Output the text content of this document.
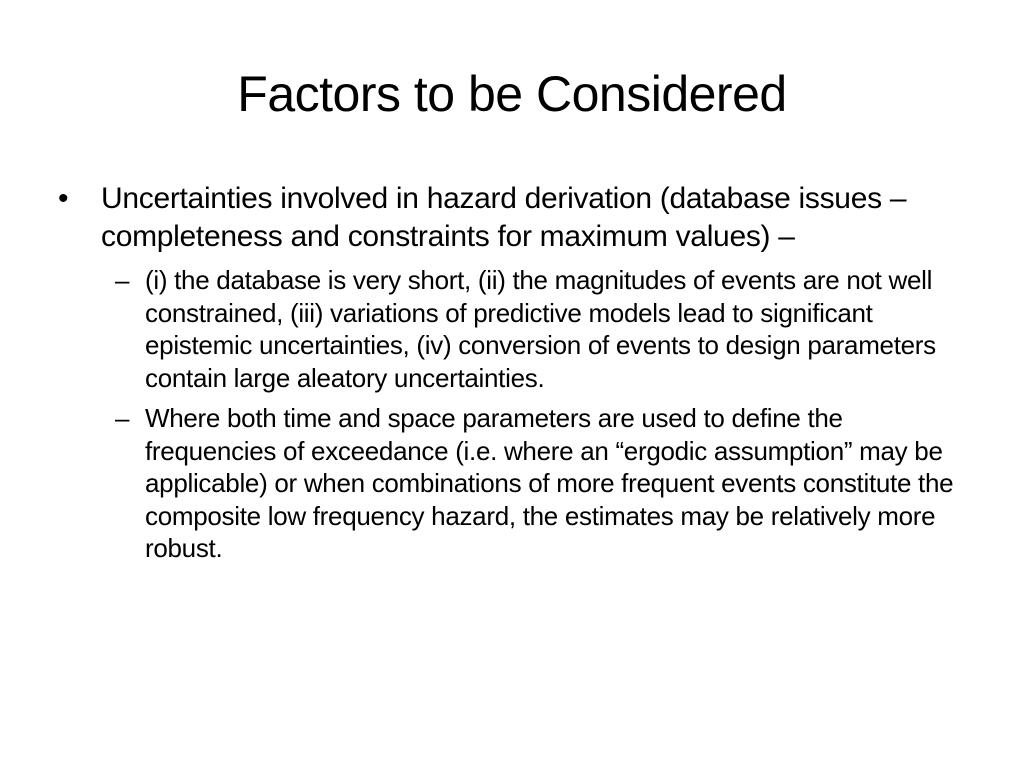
Factors to be Considered
•	Uncertainties involved in hazard derivation (database issues – completeness and constraints for maximum values) –
– (i) the database is very short, (ii) the magnitudes of events are not well constrained, (iii) variations of predictive models lead to significant epistemic uncertainties, (iv) conversion of events to design parameters contain large aleatory uncertainties.
– Where both time and space parameters are used to define the frequencies of exceedance (i.e. where an “ergodic assumption” may be applicable) or when combinations of more frequent events constitute the composite low frequency hazard, the estimates may be relatively more robust.
